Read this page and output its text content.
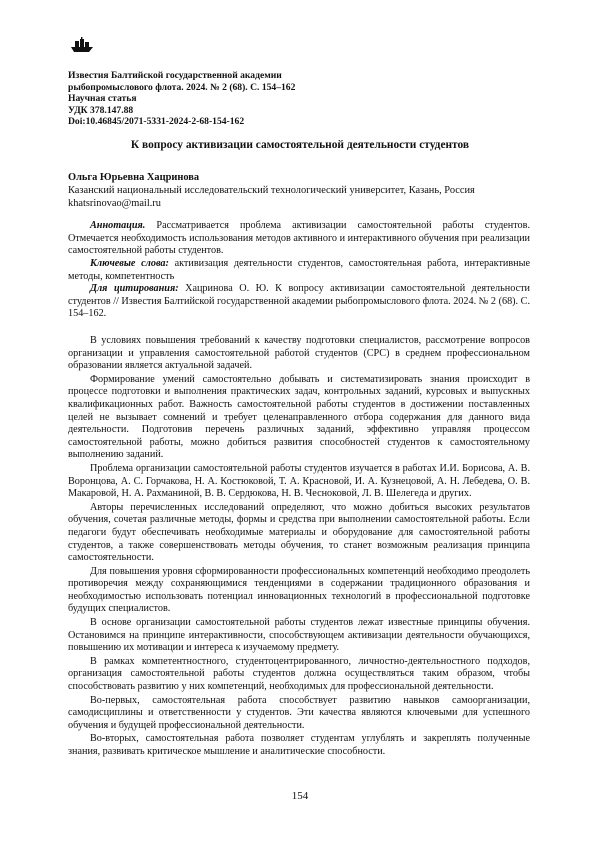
Известия Балтийской государственной академии
рыбопромыслового флота. 2024. № 2 (68). С. 154–162
Научная статья
УДК 378.147.88
Doi:10.46845/2071-5331-2024-2-68-154-162
К вопросу активизации самостоятельной деятельности студентов
Ольга Юрьевна Хацринова
Казанский национальный исследовательский технологический университет, Казань, Россия
khatsrinovao@mail.ru
Аннотация. Рассматривается проблема активизации самостоятельной работы студентов. Отмечается необходимость использования методов активного и интерактивного обучения при реализации самостоятельной работы студентов.
Ключевые слова: активизация деятельности студентов, самостоятельная работа, интерактивные методы, компетентность
Для цитирования: Хацринова О. Ю. К вопросу активизации самостоятельной деятельности студентов // Известия Балтийской государственной академии рыбопромыслового флота. 2024. № 2 (68). С. 154–162.

В условиях повышения требований к качеству подготовки специалистов, рассмотрение вопросов организации и управления самостоятельной работой студентов (СРС) в среднем профессиональном образовании является актуальной задачей.

Формирование умений самостоятельно добывать и систематизировать знания происходит в процессе подготовки и выполнения практических задач, контрольных заданий, курсовых и выпускных квалификационных работ. Важность самостоятельной работы студентов в достижении поставленных целей не вызывает сомнений и требует целенаправленного отбора содержания для данного вида деятельности. Подготовив перечень различных заданий, эффективно управляя процессом самостоятельной работы, можно добиться развития способностей студентов к самостоятельному выполнению заданий.

Проблема организации самостоятельной работы студентов изучается в работах И.И. Борисова, А. В. Воронцова, А. С. Горчакова, Н. А. Костюковой, Т. А. Красновой, И. А. Кузнецовой, А. Н. Лебедева, О. В. Макаровой, Н. А. Рахманиной, В. В. Сердюкова, Н. В. Чесноковой, Л. В. Шелегеда и других.

Авторы перечисленных исследований определяют, что можно добиться высоких результатов обучения, сочетая различные методы, формы и средства при выполнении самостоятельной работы. Если педагоги будут обеспечивать необходимые материалы и оборудование для самостоятельной работы студентов, а также совершенствовать методы обучения, то станет возможным реализация принципа самостоятельности.

Для повышения уровня сформированности профессиональных компетенций необходимо преодолеть противоречия между сохраняющимися тенденциями в содержании традиционного образования и необходимостью использовать потенциал инновационных технологий в профессиональной подготовке будущих специалистов.

В основе организации самостоятельной работы студентов лежат известные принципы обучения. Остановимся на принципе интерактивности, способствующем активизации деятельности обучающихся, повышению их мотивации и интереса к изучаемому предмету.

В рамках компетентностного, студентоцентрированного, личностно-деятельностного подходов, организация самостоятельной работы студентов должна осуществляться таким образом, чтобы способствовать развитию у них компетенций, необходимых для профессиональной деятельности.

Во-первых, самостоятельная работа способствует развитию навыков самоорганизации, самодисциплины и ответственности у студентов. Эти качества являются ключевыми для успешного обучения и будущей профессиональной деятельности.

Во-вторых, самостоятельная работа позволяет студентам углублять и закреплять полученные знания, развивать критическое мышление и аналитические способности.

154
